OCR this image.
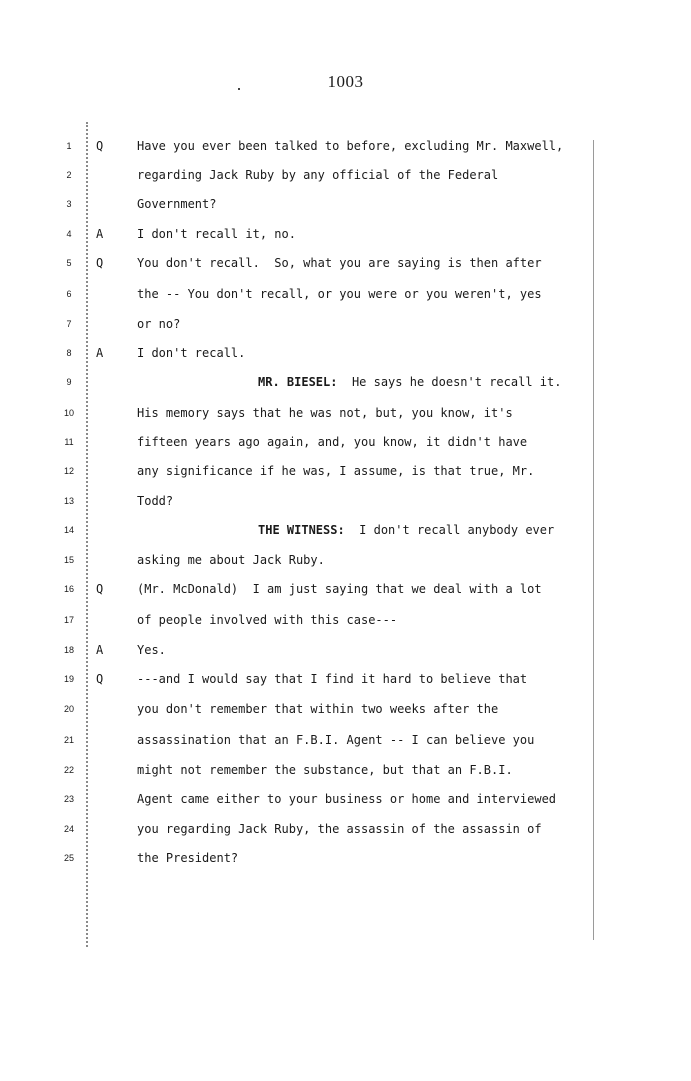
1003
1	Q	Have you ever been talked to before, excluding Mr. Maxwell,
2	regarding Jack Ruby by any official of the Federal
3	Government?
4	A	I don't recall it, no.
5	Q	You don't recall.  So, what you are saying is then after
6	the -- You don't recall, or you were or you weren't, yes
7	or no?
8	A	I don't recall.
9	MR. BIESEL: He says he doesn't recall it.
10	His memory says that he was not, but, you know, it's
11	fifteen years ago again, and, you know, it didn't have
12	any significance if he was, I assume, is that true, Mr.
13	Todd?
14	THE WITNESS: I don't recall anybody ever
15	asking me about Jack Ruby.
16	Q	(Mr. McDonald)  I am just saying that we deal with a lot
17	of people involved with this case---
18	A	Yes.
19	Q	---and I would say that I find it hard to believe that
20	you don't remember that within two weeks after the
21	assassination that an F.B.I. Agent -- I can believe you
22	might not remember the substance, but that an F.B.I.
23	Agent came either to your business or home and interviewed
24	you regarding Jack Ruby, the assassin of the assassin of
25	the President?
